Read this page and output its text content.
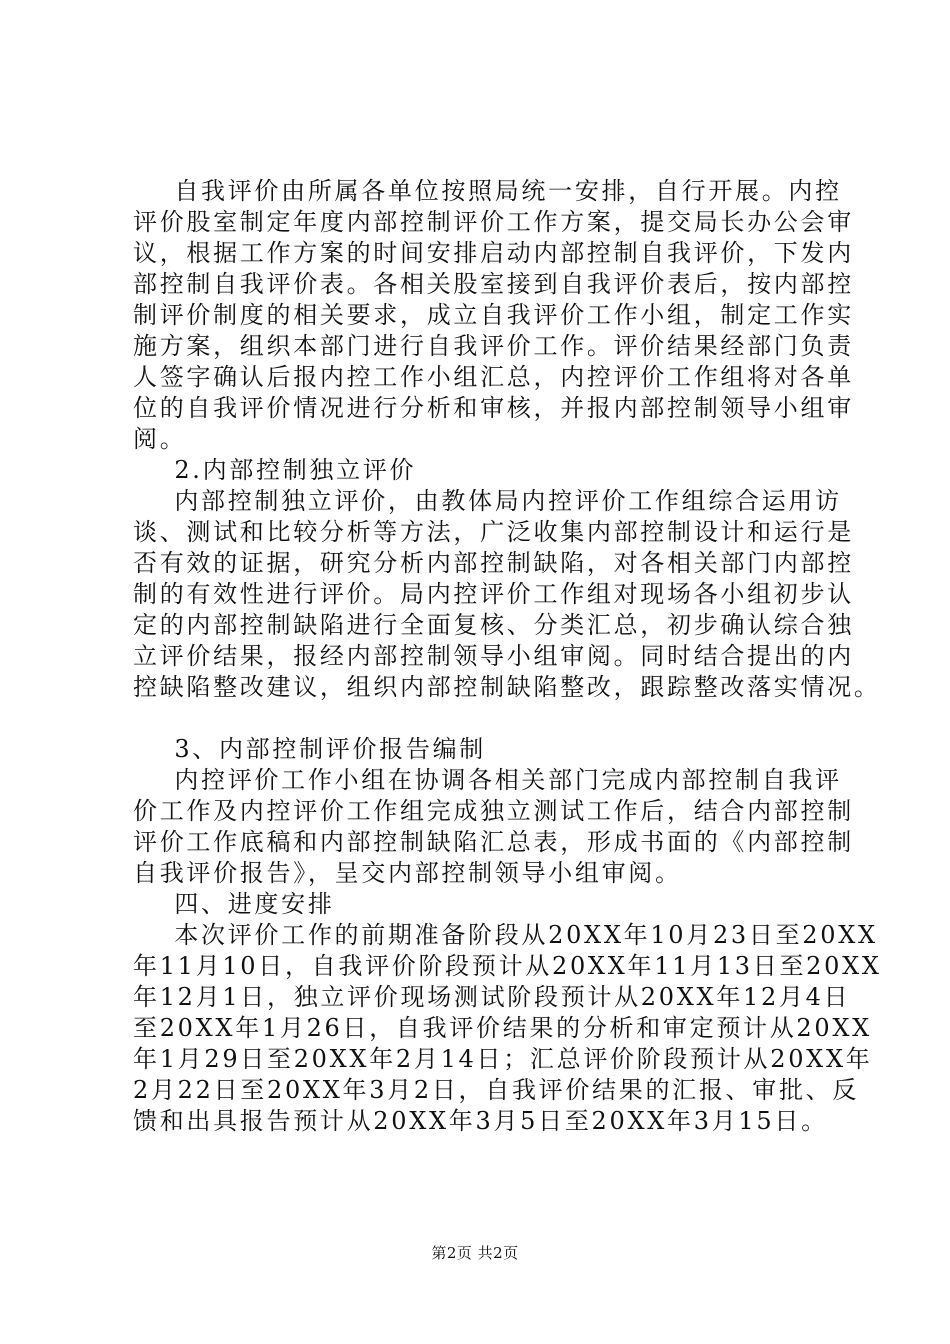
自我评价由所属各单位按照局统一安排，自行开展。内控
评价股室制定年度内部控制评价工作方案，提交局长办公会审
议，根据工作方案的时间安排启动内部控制自我评价，下发内
部控制自我评价表。各相关股室接到自我评价表后，按内部控
制评价制度的相关要求，成立自我评价工作小组，制定工作实
施方案，组织本部门进行自我评价工作。评价结果经部门负责
人签字确认后报内控工作小组汇总，内控评价工作组将对各单
位的自我评价情况进行分析和审核，并报内部控制领导小组审
阅。
2.内部控制独立评价
内部控制独立评价，由教体局内控评价工作组综合运用访
谈、测试和比较分析等方法，广泛收集内部控制设计和运行是
否有效的证据，研究分析内部控制缺陷，对各相关部门内部控
制的有效性进行评价。局内控评价工作组对现场各小组初步认
定的内部控制缺陷进行全面复核、分类汇总，初步确认综合独
立评价结果，报经内部控制领导小组审阅。同时结合提出的内
控缺陷整改建议，组织内部控制缺陷整改，跟踪整改落实情况。
3、内部控制评价报告编制
内控评价工作小组在协调各相关部门完成内部控制自我评
价工作及内控评价工作组完成独立测试工作后，结合内部控制
评价工作底稿和内部控制缺陷汇总表，形成书面的《内部控制
自我评价报告》，呈交内部控制领导小组审阅。
四、进度安排
本次评价工作的前期准备阶段从20XX年10月23日至20XX
年11月10日，自我评价阶段预计从20XX年11月13日至20XX
年12月1日，独立评价现场测试阶段预计从20XX年12月4日
至20XX年1月26日，自我评价结果的分析和审定预计从20XX
年1月29日至20XX年2月14日；汇总评价阶段预计从20XX年
2月22日至20XX年3月2日，自我评价结果的汇报、审批、反
馈和出具报告预计从20XX年3月5日至20XX年3月15日。
第2页 共2页
